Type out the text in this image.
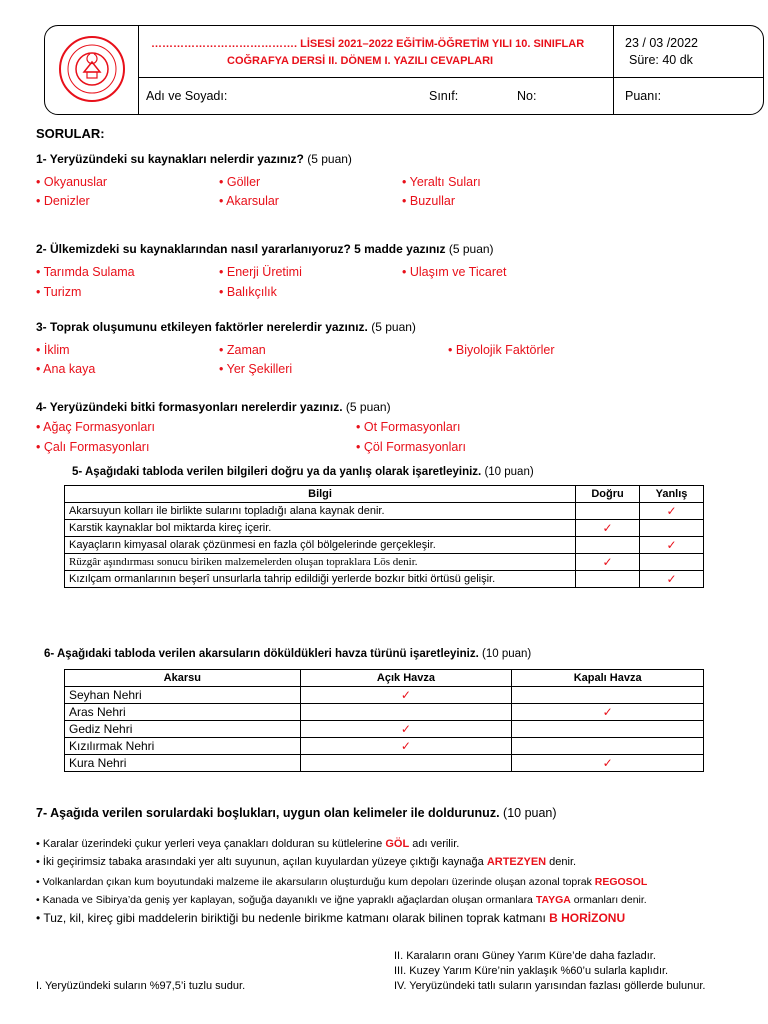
…………………………………. LİSESİ 2021–2022 EĞİTİM-ÖĞRETİM YILI 10. SINIFLAR
COĞRAFYA DERSİ II. DÖNEM I. YAZILI CEVAPLARI
23 / 03 /2022
Süre: 40 dk
Adı ve Soyadı:	Sınıf:	No:	Puanı:
SORULAR:
1- Yeryüzündeki su kaynakları nelerdir yazınız? (5 puan)
• Okyanuslar	• Göller	• Yeraltı Suları
• Denizler	• Akarsular	• Buzullar
2- Ülkemizdeki su kaynaklarından nasıl yararlanıyoruz? 5 madde yazınız (5 puan)
• Tarımda Sulama	• Enerji Üretimi	• Ulaşım ve Ticaret
• Turizm	• Balıkçılık
3- Toprak oluşumunu etkileyen faktörler nerelerdir yazınız. (5 puan)
• İklim	• Zaman	• Biyolojik Faktörler
• Ana kaya	• Yer Şekilleri
4- Yeryüzündeki bitki formasyonları nerelerdir yazınız. (5 puan)
• Ağaç Formasyonları	• Ot Formasyonları
• Çalı Formasyonları	• Çöl Formasyonları
5- Aşağıdaki tabloda verilen bilgileri doğru ya da yanlış olarak işaretleyiniz. (10 puan)
Bilgi	Doğru	Yanlış
Akarsuyun kolları ile birlikte sularını topladığı alana kaynak denir.		✓
Karstik kaynaklar bol miktarda kireç içerir.	✓	
Kayaçların kimyasal olarak çözünmesi en fazla çöl bölgelerinde gerçekleşir.		✓
Rüzgâr aşındırması sonucu biriken malzemelerden oluşan topraklara Lös denir.	✓	
Kızılçam ormanlarının beşerî unsurlarla tahrip edildiği yerlerde bozkır bitki örtüsü gelişir.		✓
6- Aşağıdaki tabloda verilen akarsuların döküldükleri havza türünü işaretleyiniz. (10 puan)
Akarsu	Açık Havza	Kapalı Havza
Seyhan Nehri	✓	
Aras Nehri		✓
Gediz Nehri	✓	
Kızılırmak Nehri	✓	
Kura Nehri		✓
7- Aşağıda verilen sorulardaki boşlukları, uygun olan kelimeler ile doldurunuz. (10 puan)
• Karalar üzerindeki çukur yerleri veya çanakları dolduran su kütlelerine GÖL adı verilir.
• İki geçirimsiz tabaka arasındaki yer altı suyunun, açılan kuyulardan yüzeye çıktığı kaynağa ARTEZYEN denir.
• Volkanlardan çıkan kum boyutundaki malzeme ile akarsuların oluşturduğu kum depoları üzerinde oluşan azonal toprak REGOSOL
• Kanada ve Sibirya’da geniş yer kaplayan, soğuğa dayanıklı ve iğne yapraklı ağaçlardan oluşan ormanlara TAYGA ormanları denir.
• Tuz, kil, kireç gibi maddelerin biriktiği bu nedenle birikme katmanı olarak bilinen toprak katmanı B HORİZONU
II. Karaların oranı Güney Yarım Küre’de daha fazladır.
III. Kuzey Yarım Küre’nin yaklaşık %60’u sularla kaplıdır.
I. Yeryüzündeki suların %97,5’i tuzlu sudur.	IV. Yeryüzündeki tatlı suların yarısından fazlası göllerde bulunur.
